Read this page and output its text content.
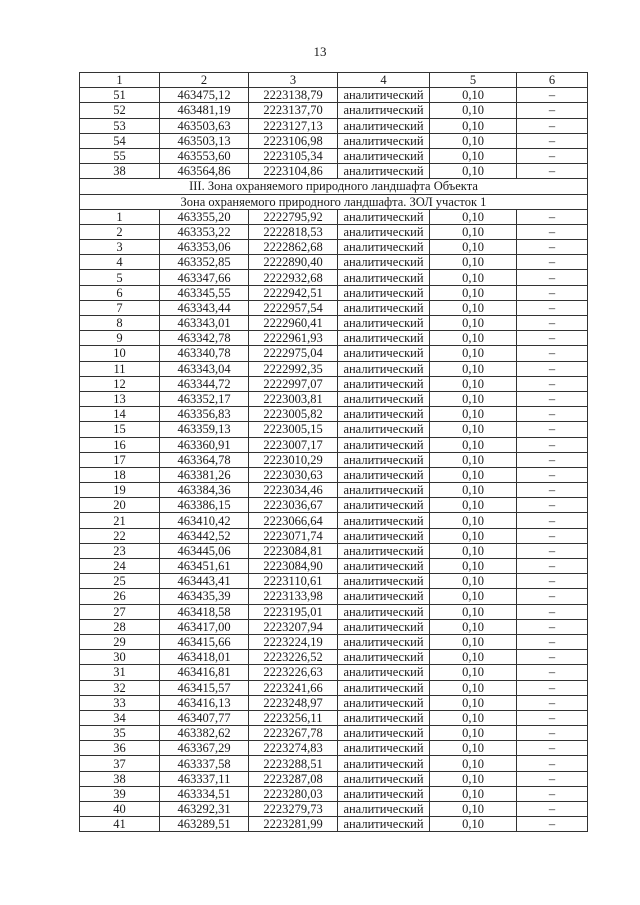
13
1	2	3	4	5	6
51	463475,12	2223138,79	аналитический	0,10	–
52	463481,19	2223137,70	аналитический	0,10	–
53	463503,63	2223127,13	аналитический	0,10	–
54	463503,13	2223106,98	аналитический	0,10	–
55	463553,60	2223105,34	аналитический	0,10	–
38	463564,86	2223104,86	аналитический	0,10	–
III. Зона охраняемого природного ландшафта Объекта					
Зона охраняемого природного ландшафта. ЗОЛ участок 1					
1	463355,20	2222795,92	аналитический	0,10	–
2	463353,22	2222818,53	аналитический	0,10	–
3	463353,06	2222862,68	аналитический	0,10	–
4	463352,85	2222890,40	аналитический	0,10	–
5	463347,66	2222932,68	аналитический	0,10	–
6	463345,55	2222942,51	аналитический	0,10	–
7	463343,44	2222957,54	аналитический	0,10	–
8	463343,01	2222960,41	аналитический	0,10	–
9	463342,78	2222961,93	аналитический	0,10	–
10	463340,78	2222975,04	аналитический	0,10	–
11	463343,04	2222992,35	аналитический	0,10	–
12	463344,72	2222997,07	аналитический	0,10	–
13	463352,17	2223003,81	аналитический	0,10	–
14	463356,83	2223005,82	аналитический	0,10	–
15	463359,13	2223005,15	аналитический	0,10	–
16	463360,91	2223007,17	аналитический	0,10	–
17	463364,78	2223010,29	аналитический	0,10	–
18	463381,26	2223030,63	аналитический	0,10	–
19	463384,36	2223034,46	аналитический	0,10	–
20	463386,15	2223036,67	аналитический	0,10	–
21	463410,42	2223066,64	аналитический	0,10	–
22	463442,52	2223071,74	аналитический	0,10	–
23	463445,06	2223084,81	аналитический	0,10	–
24	463451,61	2223084,90	аналитический	0,10	–
25	463443,41	2223110,61	аналитический	0,10	–
26	463435,39	2223133,98	аналитический	0,10	–
27	463418,58	2223195,01	аналитический	0,10	–
28	463417,00	2223207,94	аналитический	0,10	–
29	463415,66	2223224,19	аналитический	0,10	–
30	463418,01	2223226,52	аналитический	0,10	–
31	463416,81	2223226,63	аналитический	0,10	–
32	463415,57	2223241,66	аналитический	0,10	–
33	463416,13	2223248,97	аналитический	0,10	–
34	463407,77	2223256,11	аналитический	0,10	–
35	463382,62	2223267,78	аналитический	0,10	–
36	463367,29	2223274,83	аналитический	0,10	–
37	463337,58	2223288,51	аналитический	0,10	–
38	463337,11	2223287,08	аналитический	0,10	–
39	463334,51	2223280,03	аналитический	0,10	–
40	463292,31	2223279,73	аналитический	0,10	–
41	463289,51	2223281,99	аналитический	0,10	–
